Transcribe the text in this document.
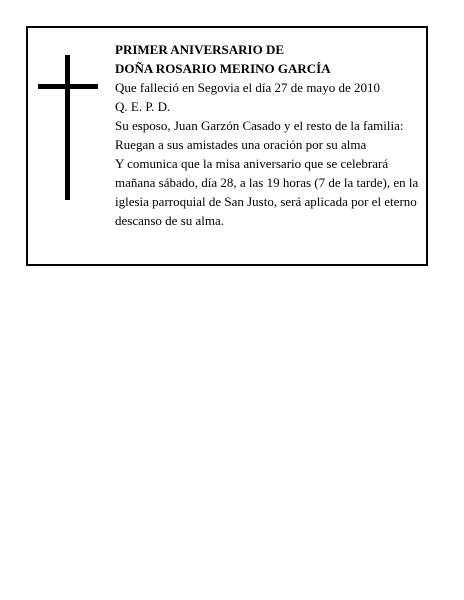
PRIMER ANIVERSARIO DE
DOÑA ROSARIO MERINO GARCÍA
Que falleció en Segovia el día 27 de mayo de 2010
Q. E. P. D.
Su esposo, Juan Garzón Casado y el resto de la familia:
Ruegan a sus amistades una oración por su alma
Y comunica que la misa aniversario que se celebrará mañana sábado, día 28, a las 19 horas (7 de la tarde), en la iglesia parroquial de San Justo, será aplicada por el eterno descanso de su alma.
